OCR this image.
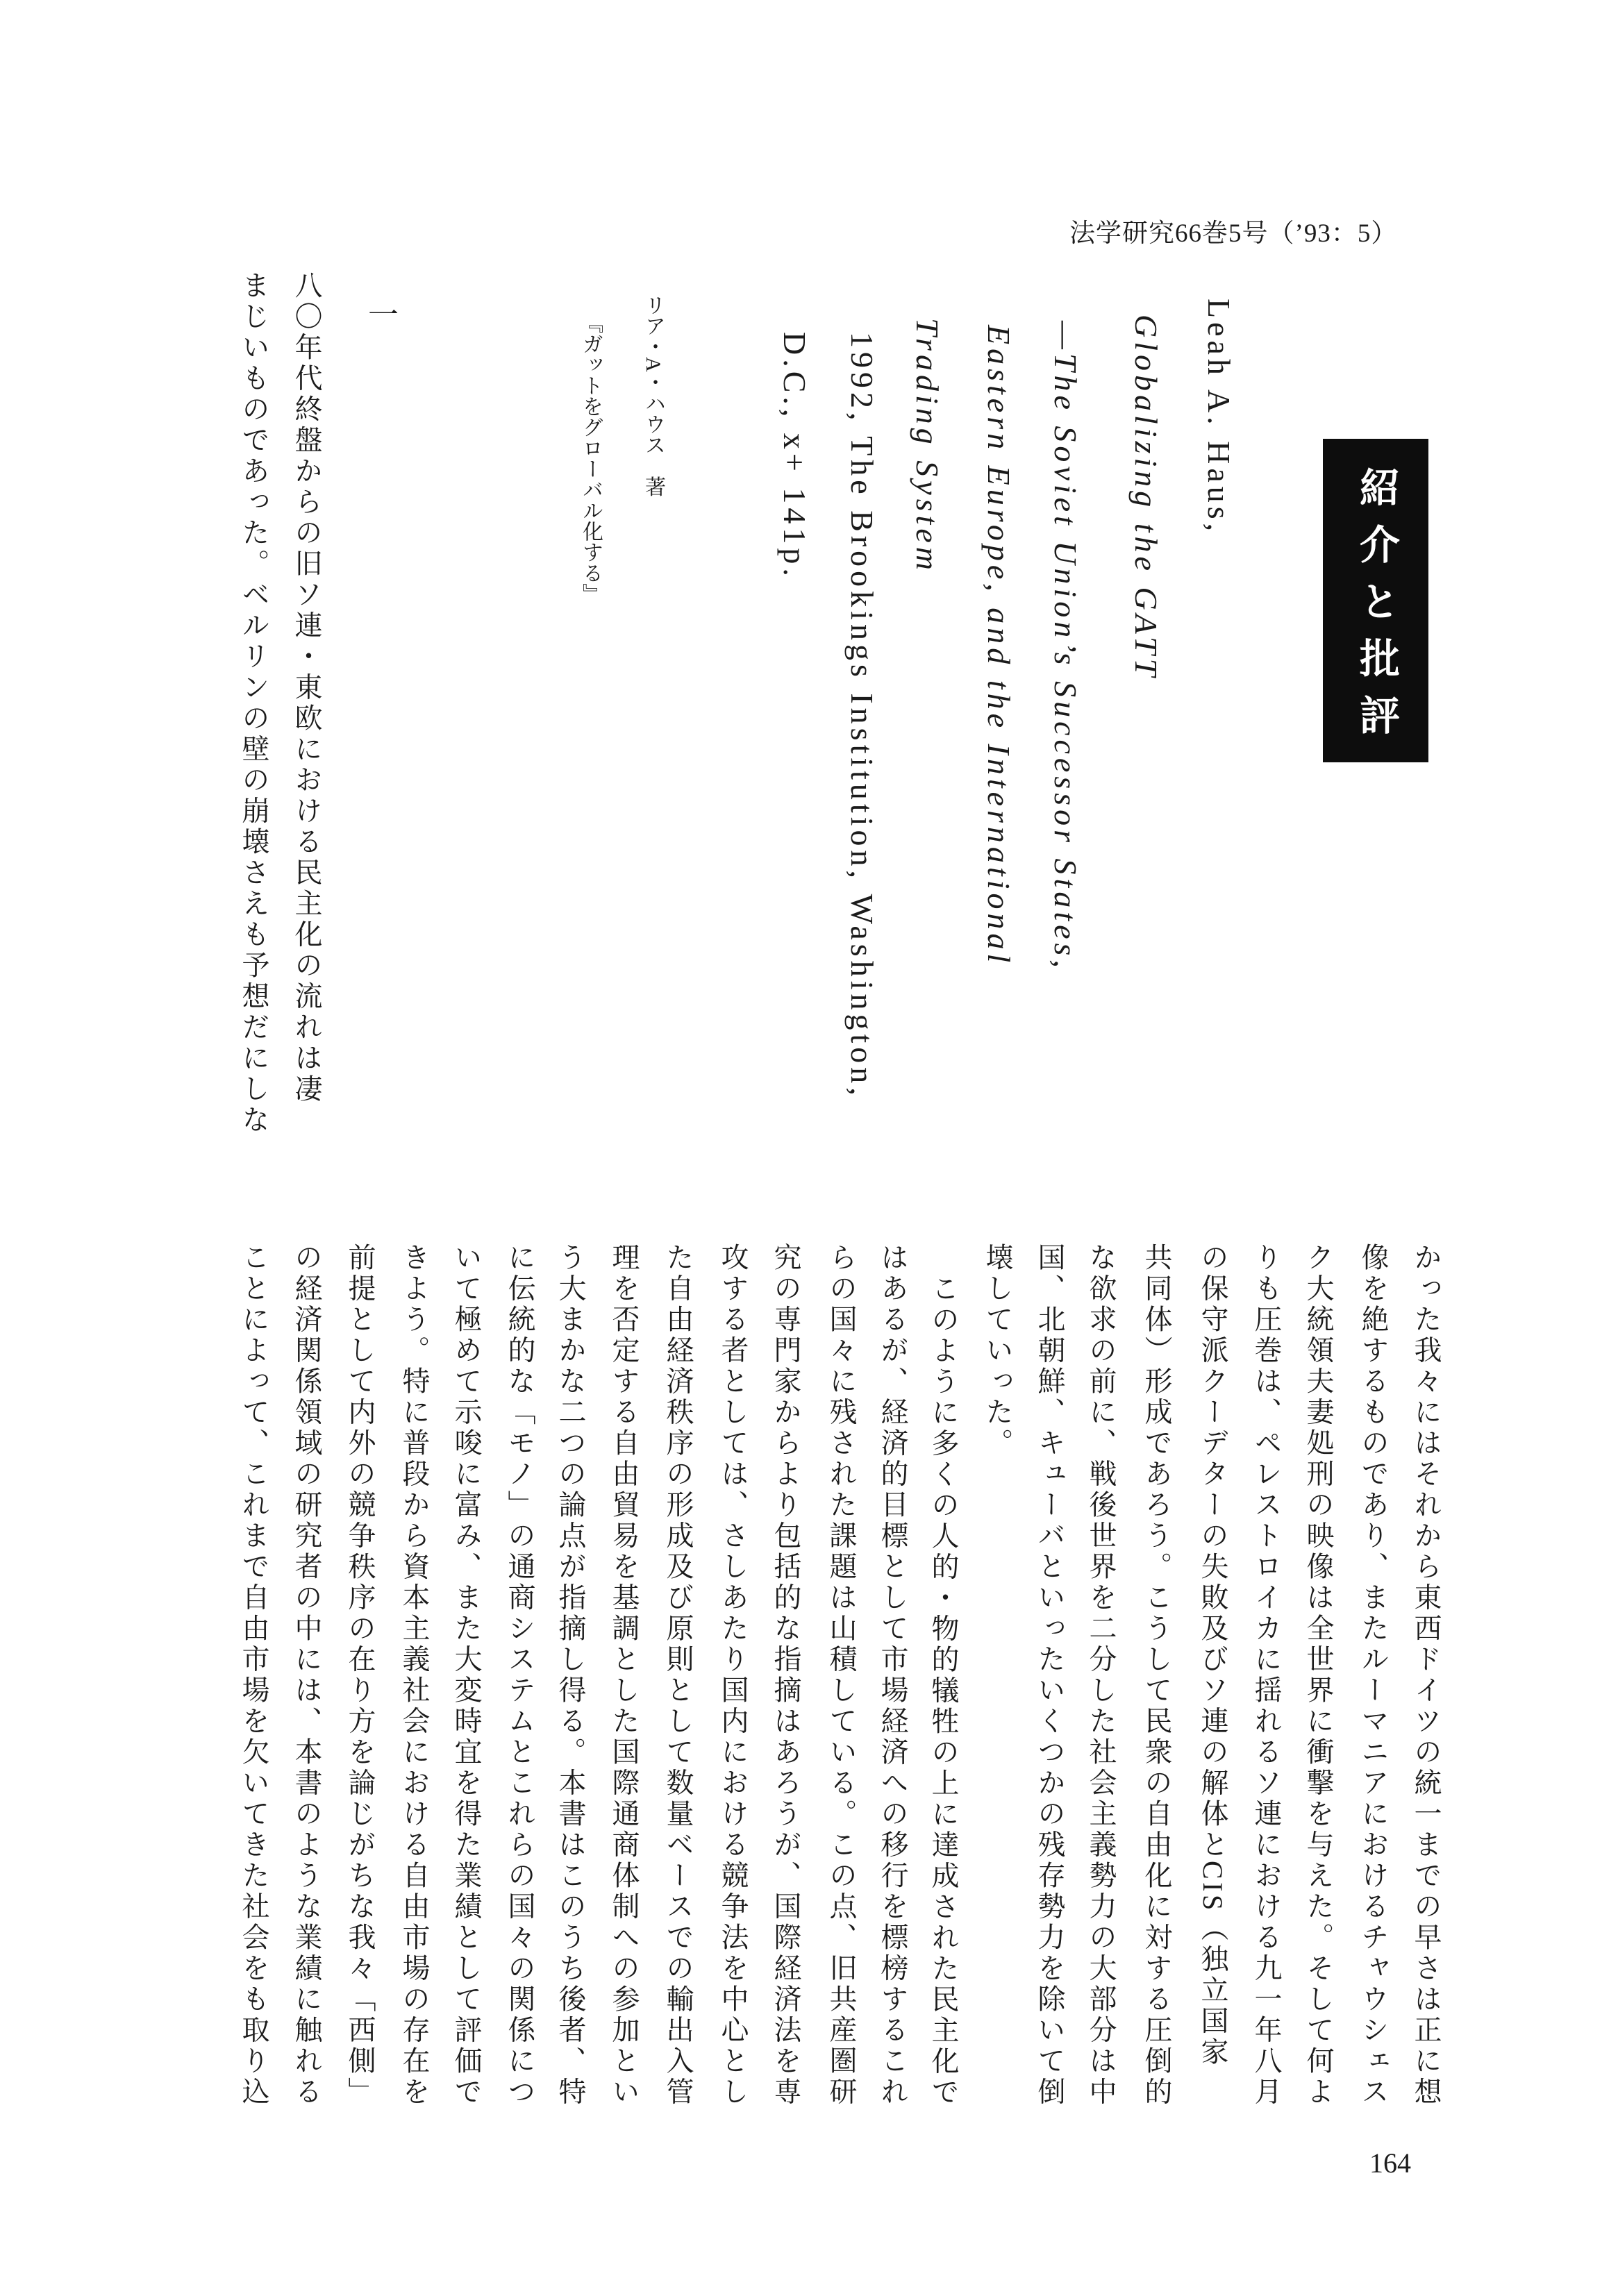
法学研究66巻5号（’93：5）
紹介と批評
Leah A. Haus,
Globalizing the GATT
—The Soviet Union’s Successor States,
Eastern Europe, and the International
Trading System
1992, The Brookings Institution, Washington,
D.C., x+ 141p.
リア・A・ハウス　著
『ガットをグローバル化する』
一
八〇年代終盤からの旧ソ連・東欧における民主化の流れは凄
まじいものであった。ベルリンの壁の崩壊さえも予想だにしな
かった我々にはそれから東西ドイツの統一までの早さは正に想
像を絶するものであり、またルーマニアにおけるチャウシェス
ク大統領夫妻処刑の映像は全世界に衝撃を与えた。そして何よ
りも圧巻は、ペレストロイカに揺れるソ連における九一年八月
の保守派クーデターの失敗及びソ連の解体とCIS（独立国家
共同体）形成であろう。こうして民衆の自由化に対する圧倒的
な欲求の前に、戦後世界を二分した社会主義勢力の大部分は中
国、北朝鮮、キューバといったいくつかの残存勢力を除いて倒
壊していった。
このように多くの人的・物的犠牲の上に達成された民主化で
はあるが、経済的目標として市場経済への移行を標榜するこれ
らの国々に残された課題は山積している。この点、旧共産圏研
究の専門家からより包括的な指摘はあろうが、国際経済法を専
攻する者としては、さしあたり国内における競争法を中心とし
た自由経済秩序の形成及び原則として数量ベースでの輸出入管
理を否定する自由貿易を基調とした国際通商体制への参加とい
う大まかな二つの論点が指摘し得る。本書はこのうち後者、特
に伝統的な「モノ」の通商システムとこれらの国々の関係につ
いて極めて示唆に富み、また大変時宜を得た業績として評価で
きよう。特に普段から資本主義社会における自由市場の存在を
前提として内外の競争秩序の在り方を論じがちな我々「西側」
の経済関係領域の研究者の中には、本書のような業績に触れる
ことによって、これまで自由市場を欠いてきた社会をも取り込
164
